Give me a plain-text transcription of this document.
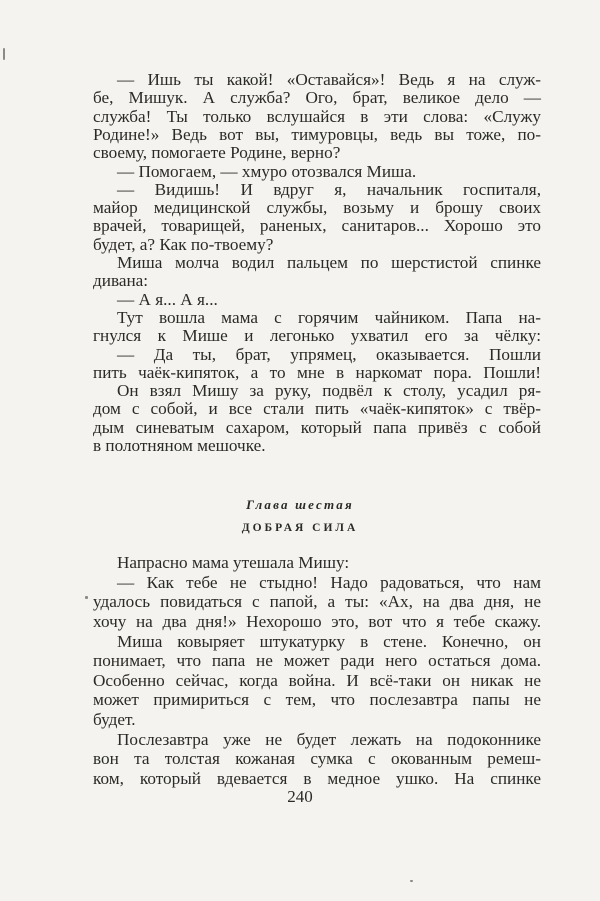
— Ишь ты какой! «Оставайся»! Ведь я на служ-
бе, Мишук. А служба? Ого, брат, великое дело —
служба! Ты только вслушайся в эти слова: «Служу
Родине!» Ведь вот вы, тимуровцы, ведь вы тоже, по-
своему, помогаете Родине, верно?
— Помогаем, — хмуро отозвался Миша.
— Видишь! И вдруг я, начальник госпиталя,
майор медицинской службы, возьму и брошу своих
врачей, товарищей, раненых, санитаров... Хорошо это
будет, а? Как по-твоему?
Миша молча водил пальцем по шерстистой спинке
дивана:
— А я... А я...
Тут вошла мама с горячим чайником. Папа на-
гнулся к Мише и легонько ухватил его за чёлку:
— Да ты, брат, упрямец, оказывается. Пошли
пить чаёк-кипяток, а то мне в наркомат пора. Пошли!
Он взял Мишу за руку, подвёл к столу, усадил ря-
дом с собой, и все стали пить «чаёк-кипяток» с твёр-
дым синеватым сахаром, который папа привёз с собой
в полотняном мешочке.
Глава шестая
ДОБРАЯ СИЛА
Напрасно мама утешала Мишу:
— Как тебе не стыдно! Надо радоваться, что нам
удалось повидаться с папой, а ты: «Ах, на два дня, не
хочу на два дня!» Нехорошо это, вот что я тебе скажу.
Миша ковыряет штукатурку в стене. Конечно, он
понимает, что папа не может ради него остаться дома.
Особенно сейчас, когда война. И всё-таки он никак не
может примириться с тем, что послезавтра папы не
будет.
Послезавтра уже не будет лежать на подоконнике
вон та толстая кожаная сумка с окованным ремеш-
ком, который вдевается в медное ушко. На спинке
240
